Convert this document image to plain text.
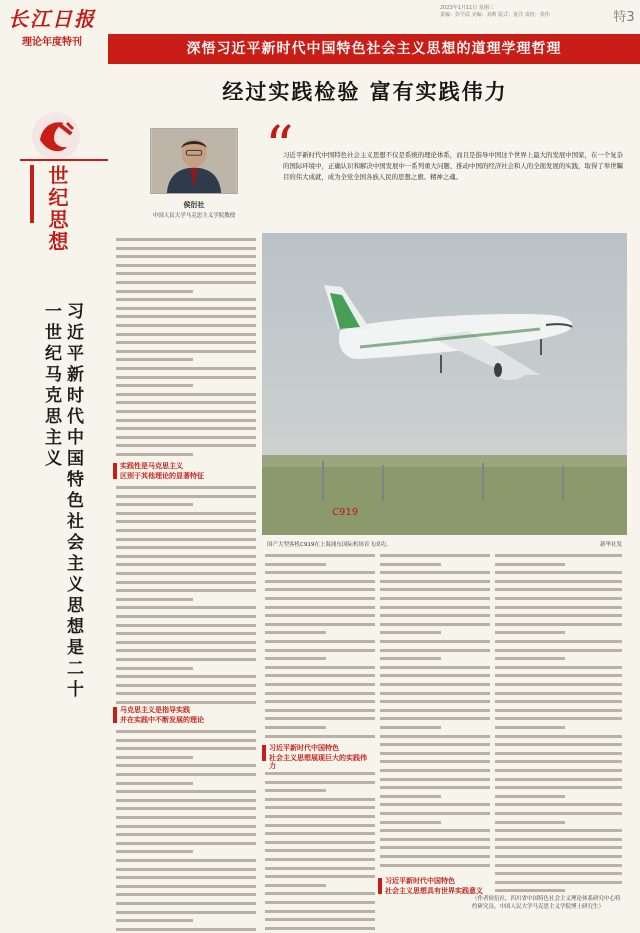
长江日报
理论年度特刊
2023年1月11日 星期三
责编：彭学武 美编：刘莉 版式：夏洋 责校：张伟	特3
深悟习近平新时代中国特色社会主义思想的道理学理哲理
经过实践检验 富有实践伟力
世纪思想
习近平新时代中国特色社会主义思想是二十一世纪马克思主义
侯衍社
中国人民大学马克思主义学院教授
“
习近平新时代中国特色社会主义思想不仅是系统的理论体系，而且是指导中国这个世界上最大的发展中国家，在一个复杂的国际环境中，正确认识和解决中国发展中一系列重大问题、推动中国的经济社会和人的全面发展的实践，取得了举世瞩目的伟大成就，成为全党全国各族人民的思想之旗、精神之魂。
C919
国产大型客机C919在上海浦东国际机场首飞成功。	新华社发
实践性是马克思主义
区别于其他理论的显著特征
马克思主义是指导实践
并在实践中不断发展的理论
习近平新时代中国特色
社会主义思想展现巨大的实践伟力
习近平新时代中国特色
社会主义思想具有世界实践意义
（作者侯衍社，四川省中国特色社会主义理论体系研究中心特约研究员，中国人民大学马克思主义学院博士研究生）
